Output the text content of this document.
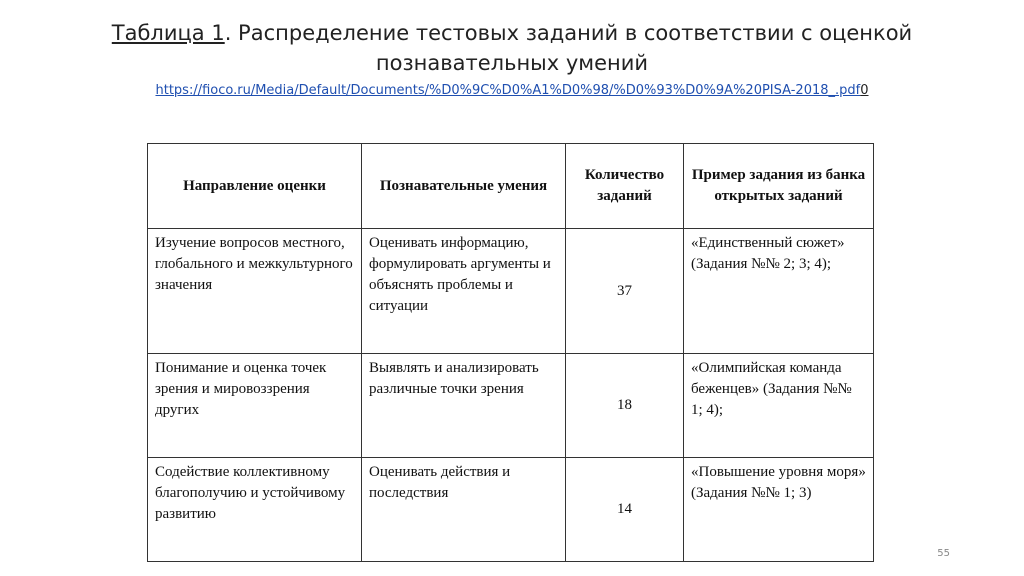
Таблица 1. Распределение тестовых заданий в соответствии с оценкой

познавательных умений

https://fioco.ru/Media/Default/Documents/%D0%9C%D0%A1%D0%98/%D0%93%D0%9A%20PISA-2018_.pdf0
Направление оценки	Познавательные умения	Количество заданий	Пример задания из банка открытых заданий
Изучение вопросов местного, глобального и межкультурного значения	Оценивать информацию, формулировать аргументы и объяснять проблемы и ситуации	37	«Единственный сюжет» (Задания №№ 2; 3; 4);
Понимание и оценка точек зрения и мировоззрения других	Выявлять и анализировать различные точки зрения	18	«Олимпийская команда беженцев» (Задания №№ 1; 4);
Содействие коллективному благополучию и устойчивому развитию	Оценивать действия и последствия	14	«Повышение уровня моря» (Задания №№ 1; 3)
55
